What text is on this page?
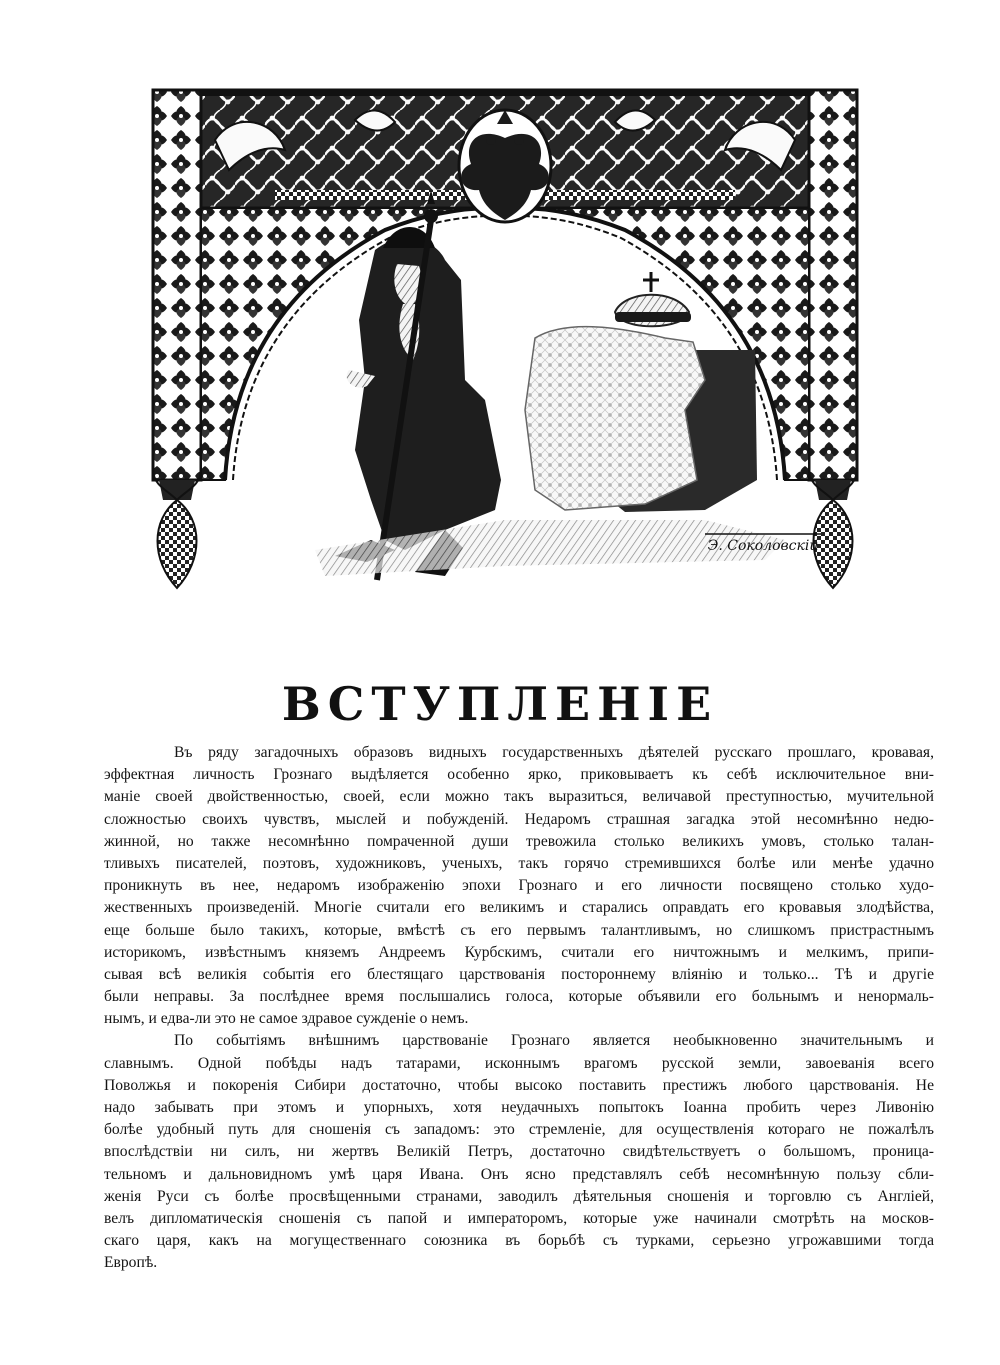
Э. Соколовскій
ВСТУПЛЕНІЕ

Въ ряду загадочныхъ образовъ видныхъ государственныхъ дѣятелей русскаго прошлаго, кровавая,
эффектная личность Грознаго выдѣляется особенно ярко, приковываетъ къ себѣ исключительное вни-
маніе своей двойственностью, своей, если можно такъ выразиться, величавой преступностью, мучительной
сложностью своихъ чувствъ, мыслей и побужденій. Недаромъ страшная загадка этой несомнѣнно недю-
жинной, но также несомнѣнно помраченной души тревожила столько великихъ умовъ, столько талан-
тливыхъ писателей, поэтовъ, художниковъ, ученыхъ, такъ горячо стремившихся болѣе или менѣе удачно
проникнуть въ нее, недаромъ изображенію эпохи Грознаго и его личности посвящено столько худо-
жественныхъ произведеній. Многіе считали его великимъ и старались оправдать его кровавыя злодѣйства,
еще больше было такихъ, которые, вмѣстѣ съ его первымъ талантливымъ, но слишкомъ пристрастнымъ
историкомъ, извѣстнымъ княземъ Андреемъ Курбскимъ, считали его ничтожнымъ и мелкимъ, припи-
сывая всѣ великія событія его блестящаго царствованія постороннему вліянію и только... Тѣ и другіе
были неправы. За послѣднее время послышались голоса, которые объявили его больнымъ и ненормаль-
нымъ, и едва-ли это не самое здравое сужденіе о немъ.

По событіямъ внѣшнимъ царствованіе Грознаго является необыкновенно значительнымъ и
славнымъ. Одной побѣды надъ татарами, исконнымъ врагомъ русской земли, завоеванія всего
Поволжья и покоренія Сибири достаточно, чтобы высоко поставить престижъ любого царствованія. Не
надо забывать при этомъ и упорныхъ, хотя неудачныхъ попытокъ Іоанна пробить через Ливонію
болѣе удобный путь для сношенія съ западомъ: это стремленіе, для осуществленія котораго не пожалѣлъ
впослѣдствіи ни силъ, ни жертвъ Великій Петръ, достаточно свидѣтельствуетъ о большомъ, проница-
тельномъ и дальновидномъ умѣ царя Ивана. Онъ ясно представлялъ себѣ несомнѣнную пользу сбли-
женія Руси съ болѣе просвѣщенными странами, заводилъ дѣятельныя сношенія и торговлю съ Англіей,
велъ дипломатическія сношенія съ папой и императоромъ, которые уже начинали смотрѣть на москов-
скаго царя, какъ на могущественнаго союзника въ борьбѣ съ турками, серьезно угрожавшими тогда
Европѣ.
